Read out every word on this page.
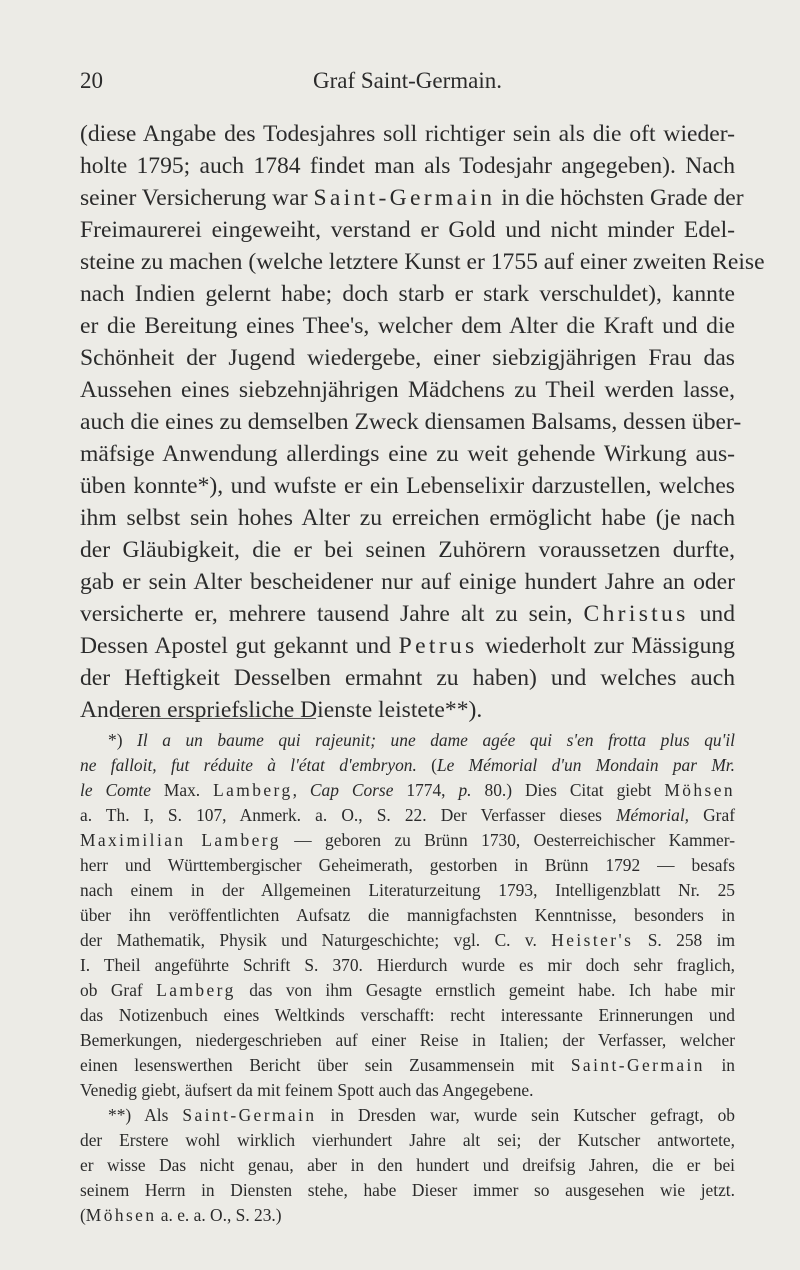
20	Graf Saint-Germain.
(diese Angabe des Todesjahres soll richtiger sein als die oft wieder-
holte 1795; auch 1784 findet man als Todesjahr angegeben). Nach
seiner Versicherung war Saint-Germain in die höchsten Grade der
Freimaurerei eingeweiht, verstand er Gold und nicht minder Edel-
steine zu machen (welche letztere Kunst er 1755 auf einer zweiten Reise
nach Indien gelernt habe; doch starb er stark verschuldet), kannte
er die Bereitung eines Thee's, welcher dem Alter die Kraft und die
Schönheit der Jugend wiedergebe, einer siebzigjährigen Frau das
Aussehen eines siebzehnjährigen Mädchens zu Theil werden lasse,
auch die eines zu demselben Zweck diensamen Balsams, dessen über-
mäfsige Anwendung allerdings eine zu weit gehende Wirkung aus-
üben konnte*), und wufste er ein Lebenselixir darzustellen, welches
ihm selbst sein hohes Alter zu erreichen ermöglicht habe (je nach
der Gläubigkeit, die er bei seinen Zuhörern voraussetzen durfte,
gab er sein Alter bescheidener nur auf einige hundert Jahre an oder
versicherte er, mehrere tausend Jahre alt zu sein, Christus und
Dessen Apostel gut gekannt und Petrus wiederholt zur Mässigung
der Heftigkeit Desselben ermahnt zu haben) und welches auch
Anderen erspriefsliche Dienste leistete**).
*) Il a un baume qui rajeunit; une dame agée qui s'en frotta plus qu'il
ne falloit, fut réduite à l'état d'embryon. (Le Mémorial d'un Mondain par Mr.
le Comte Max. Lamberg, Cap Corse 1774, p. 80.) Dies Citat giebt Möhsen
a. Th. I, S. 107, Anmerk. a. O., S. 22. Der Verfasser dieses Mémorial, Graf
Maximilian Lamberg — geboren zu Brünn 1730, Oesterreichischer Kammer-
herr und Württembergischer Geheimerath, gestorben in Brünn 1792 — besafs
nach einem in der Allgemeinen Literaturzeitung 1793, Intelligenzblatt Nr. 25
über ihn veröffentlichten Aufsatz die mannigfachsten Kenntnisse, besonders in
der Mathematik, Physik und Naturgeschichte; vgl. C. v. Heister's S. 258 im
I. Theil angeführte Schrift S. 370. Hierdurch wurde es mir doch sehr fraglich,
ob Graf Lamberg das von ihm Gesagte ernstlich gemeint habe. Ich habe mir
das Notizenbuch eines Weltkinds verschafft: recht interessante Erinnerungen und
Bemerkungen, niedergeschrieben auf einer Reise in Italien; der Verfasser, welcher
einen lesenswerthen Bericht über sein Zusammensein mit Saint-Germain in
Venedig giebt, äufsert da mit feinem Spott auch das Angegebene.
**) Als Saint-Germain in Dresden war, wurde sein Kutscher gefragt, ob
der Erstere wohl wirklich vierhundert Jahre alt sei; der Kutscher antwortete,
er wisse Das nicht genau, aber in den hundert und dreifsig Jahren, die er bei
seinem Herrn in Diensten stehe, habe Dieser immer so ausgesehen wie jetzt.
(Möhsen a. e. a. O., S. 23.)
